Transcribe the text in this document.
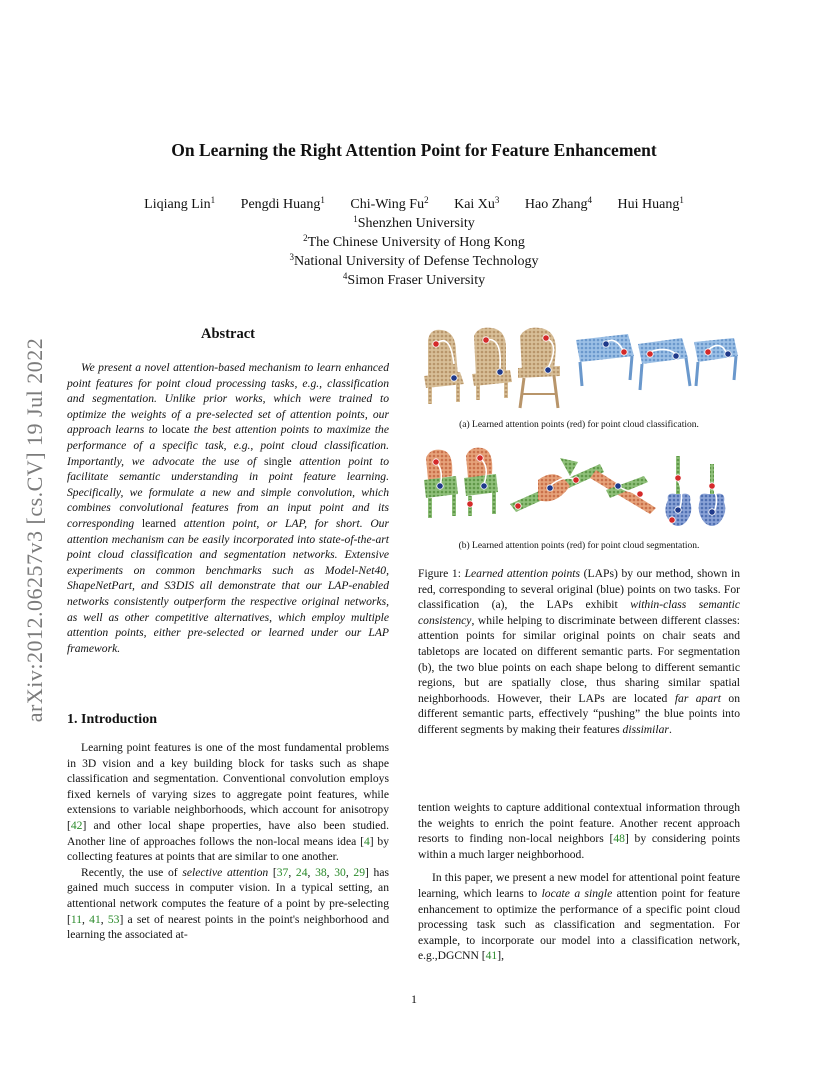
On Learning the Right Attention Point for Feature Enhancement
Liqiang Lin$^1$ Pengdi Huang$^1$ Chi-Wing Fu$^2$ Kai Xu$^3$ Hao Zhang$^4$ Hui Huang$^1$
$^1$Shenzhen University
$^2$The Chinese University of Hong Kong
$^3$National University of Defense Technology
$^4$Simon Fraser University
arXiv:2012.06257v3 [cs.CV] 19 Jul 2022
Abstract
We present a novel attention-based mechanism to learn enhanced point features for point cloud processing tasks, e.g., classification and segmentation. Unlike prior works, which were trained to optimize the weights of a pre-selected set of attention points, our approach learns to locate the best attention points to maximize the performance of a specific task, e.g., point cloud classification. Importantly, we advocate the use of single attention point to facilitate semantic understanding in point feature learning. Specifically, we formulate a new and simple convolution, which combines convolutional features from an input point and its corresponding learned attention point, or LAP, for short. Our attention mechanism can be easily incorporated into state-of-the-art point cloud classification and segmentation networks. Extensive experiments on common benchmarks such as Model-Net40, ShapeNetPart, and S3DIS all demonstrate that our LAP-enabled networks consistently outperform the respective original networks, as well as other competitive alternatives, which employ multiple attention points, either pre-selected or learned under our LAP framework.
1. Introduction

Learning point features is one of the most fundamental problems in 3D vision and a key building block for tasks such as shape classification and segmentation. Conventional convolution employs fixed kernels of varying sizes to aggregate point features, while extensions to variable neighborhoods, which account for anisotropy [42] and other local shape properties, have also been studied. Another line of approaches follows the non-local means idea [4] by collecting features at points that are similar to one another.

Recently, the use of selective attention [37, 24, 38, 30, 29] has gained much success in computer vision. In a typical setting, an attentional network computes the feature of a point by pre-selecting [11, 41, 53] a set of nearest points in the point's neighborhood and learning the associated at-

(a) Learned attention points (red) for point cloud classification.
(b) Learned attention points (red) for point cloud segmentation.
Figure 1: Learned attention points (LAPs) by our method, shown in red, corresponding to several original (blue) points on two tasks. For classification (a), the LAPs exhibit within-class semantic consistency, while helping to discriminate between different classes: attention points for similar original points on chair seats and tabletops are located on different semantic parts. For segmentation (b), the two blue points on each shape belong to different semantic regions, but are spatially close, thus sharing similar spatial neighborhoods. However, their LAPs are located far apart on different semantic parts, effectively “pushing” the blue points into different segments by making their features dissimilar.

tention weights to capture additional contextual information through the weights to enrich the point feature. Another recent approach resorts to finding non-local neighbors [48] by considering points within a much larger neighborhood.

In this paper, we present a new model for attentional point feature learning, which learns to locate a single attention point for feature enhancement to optimize the performance of a specific point cloud processing task such as classification and segmentation. For example, to incorporate our model into a classification network, e.g.,DGCNN [41],

1
